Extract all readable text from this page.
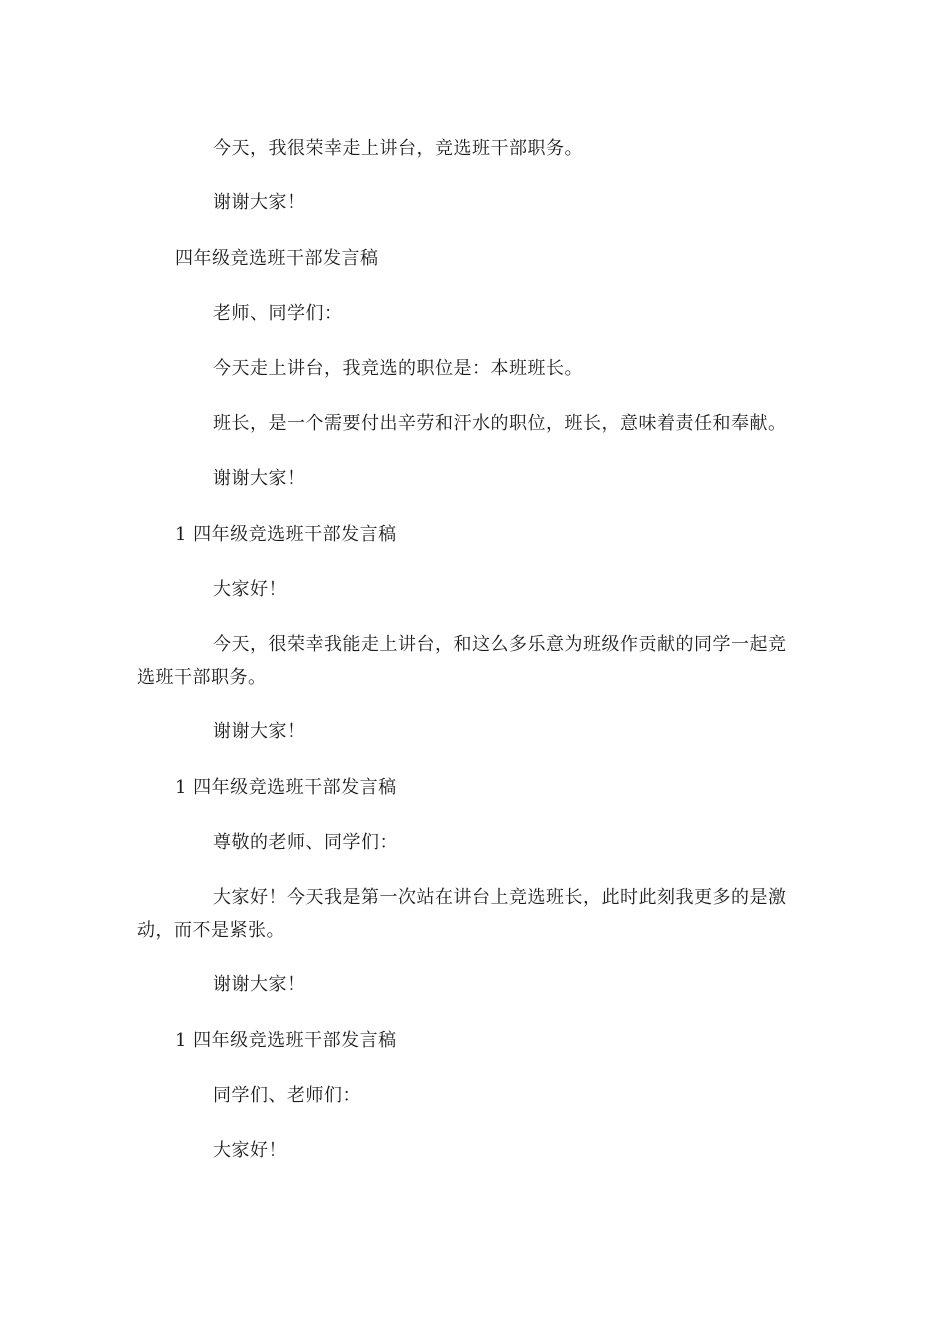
今天，我很荣幸走上讲台，竞选班干部职务。
谢谢大家！
四年级竞选班干部发言稿
老师、同学们：
今天走上讲台，我竞选的职位是：本班班长。
班长，是一个需要付出辛劳和汗水的职位，班长，意味着责任和奉献。
谢谢大家！
1 四年级竞选班干部发言稿
大家好！
今天，很荣幸我能走上讲台，和这么多乐意为班级作贡献的同学一起竞
选班干部职务。
谢谢大家！
1 四年级竞选班干部发言稿
尊敬的老师、同学们：
大家好！今天我是第一次站在讲台上竞选班长，此时此刻我更多的是激
动，而不是紧张。
谢谢大家！
1 四年级竞选班干部发言稿
同学们、老师们：
大家好！
